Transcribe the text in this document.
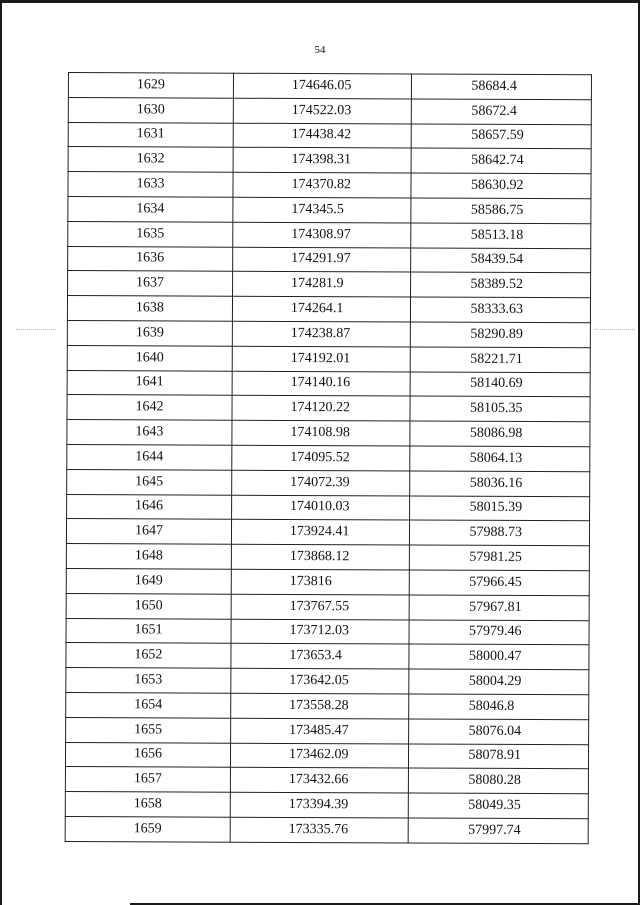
54
1629	174646.05	58684.4
1630	174522.03	58672.4
1631	174438.42	58657.59
1632	174398.31	58642.74
1633	174370.82	58630.92
1634	174345.5	58586.75
1635	174308.97	58513.18
1636	174291.97	58439.54
1637	174281.9	58389.52
1638	174264.1	58333.63
1639	174238.87	58290.89
1640	174192.01	58221.71
1641	174140.16	58140.69
1642	174120.22	58105.35
1643	174108.98	58086.98
1644	174095.52	58064.13
1645	174072.39	58036.16
1646	174010.03	58015.39
1647	173924.41	57988.73
1648	173868.12	57981.25
1649	173816	57966.45
1650	173767.55	57967.81
1651	173712.03	57979.46
1652	173653.4	58000.47
1653	173642.05	58004.29
1654	173558.28	58046.8
1655	173485.47	58076.04
1656	173462.09	58078.91
1657	173432.66	58080.28
1658	173394.39	58049.35
1659	173335.76	57997.74
